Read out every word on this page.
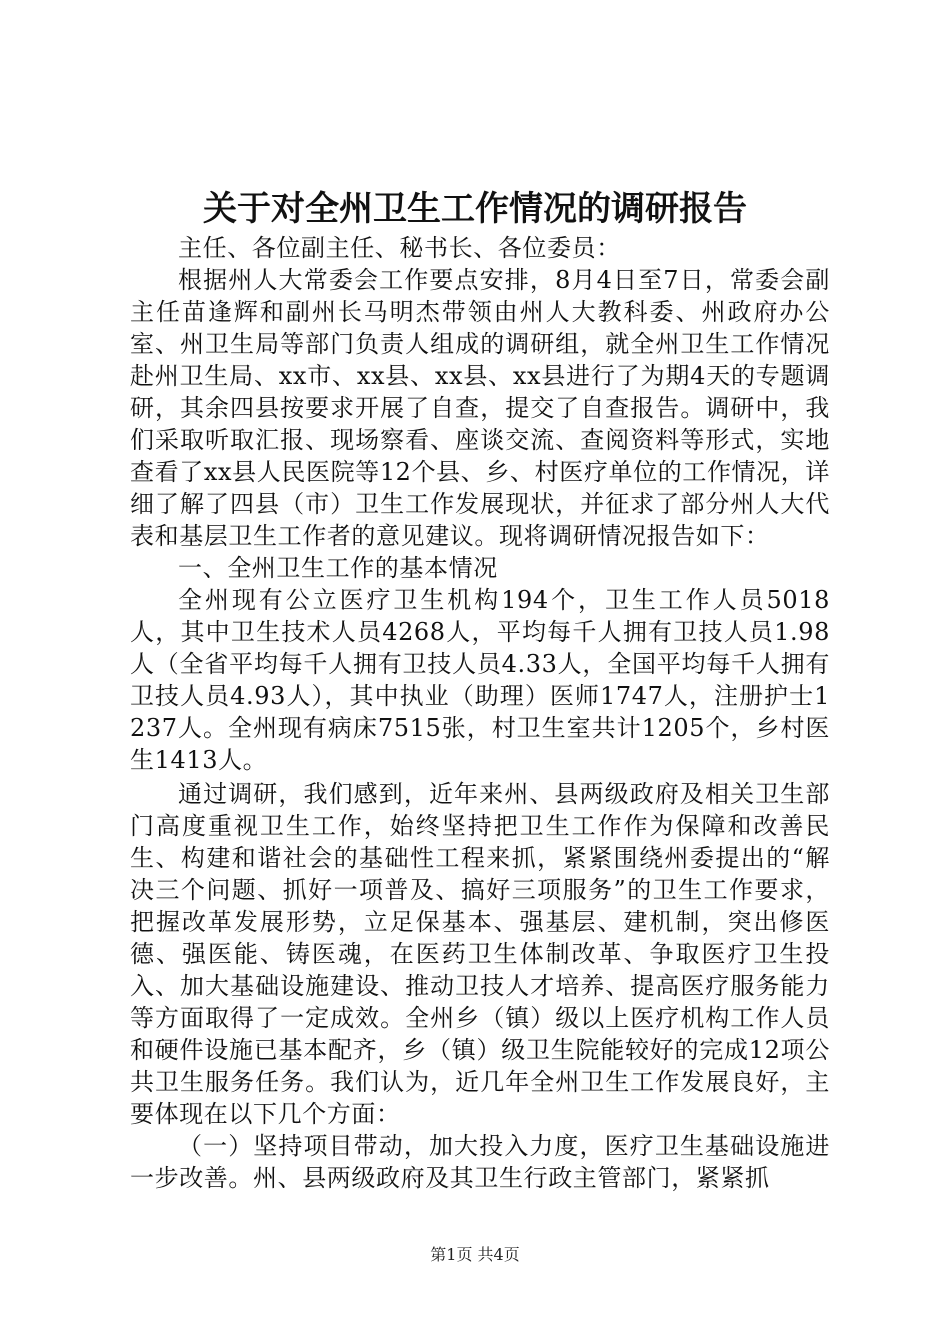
关于对全州卫生工作情况的调研报告

主任、各位副主任、秘书长、各位委员：

根据州人大常委会工作要点安排，8月4日至7日，常委会副主任苗逢辉和副州长马明杰带领由州人大教科委、州政府办公室、州卫生局等部门负责人组成的调研组，就全州卫生工作情况赴州卫生局、xx市、xx县、xx县、xx县进行了为期4天的专题调研，其余四县按要求开展了自查，提交了自查报告。调研中，我们采取听取汇报、现场察看、座谈交流、查阅资料等形式，实地查看了xx县人民医院等12个县、乡、村医疗单位的工作情况，详细了解了四县（市）卫生工作发展现状，并征求了部分州人大代表和基层卫生工作者的意见建议。现将调研情况报告如下：

一、全州卫生工作的基本情况

全州现有公立医疗卫生机构194个，卫生工作人员5018人，其中卫生技术人员4268人，平均每千人拥有卫技人员1.98人（全省平均每千人拥有卫技人员4.33人，全国平均每千人拥有卫技人员4.93人），其中执业（助理）医师1747人，注册护士1237人。全州现有病床7515张，村卫生室共计1205个，乡村医生1413人。

通过调研，我们感到，近年来州、县两级政府及相关卫生部门高度重视卫生工作，始终坚持把卫生工作作为保障和改善民生、构建和谐社会的基础性工程来抓，紧紧围绕州委提出的“解决三个问题、抓好一项普及、搞好三项服务”的卫生工作要求，把握改革发展形势，立足保基本、强基层、建机制，突出修医德、强医能、铸医魂，在医药卫生体制改革、争取医疗卫生投入、加大基础设施建设、推动卫技人才培养、提高医疗服务能力等方面取得了一定成效。全州乡（镇）级以上医疗机构工作人员和硬件设施已基本配齐，乡（镇）级卫生院能较好的完成12项公共卫生服务任务。我们认为，近几年全州卫生工作发展良好，主要体现在以下几个方面：

（一）坚持项目带动，加大投入力度，医疗卫生基础设施进一步改善。州、县两级政府及其卫生行政主管部门，紧紧抓

第1页 共4页
